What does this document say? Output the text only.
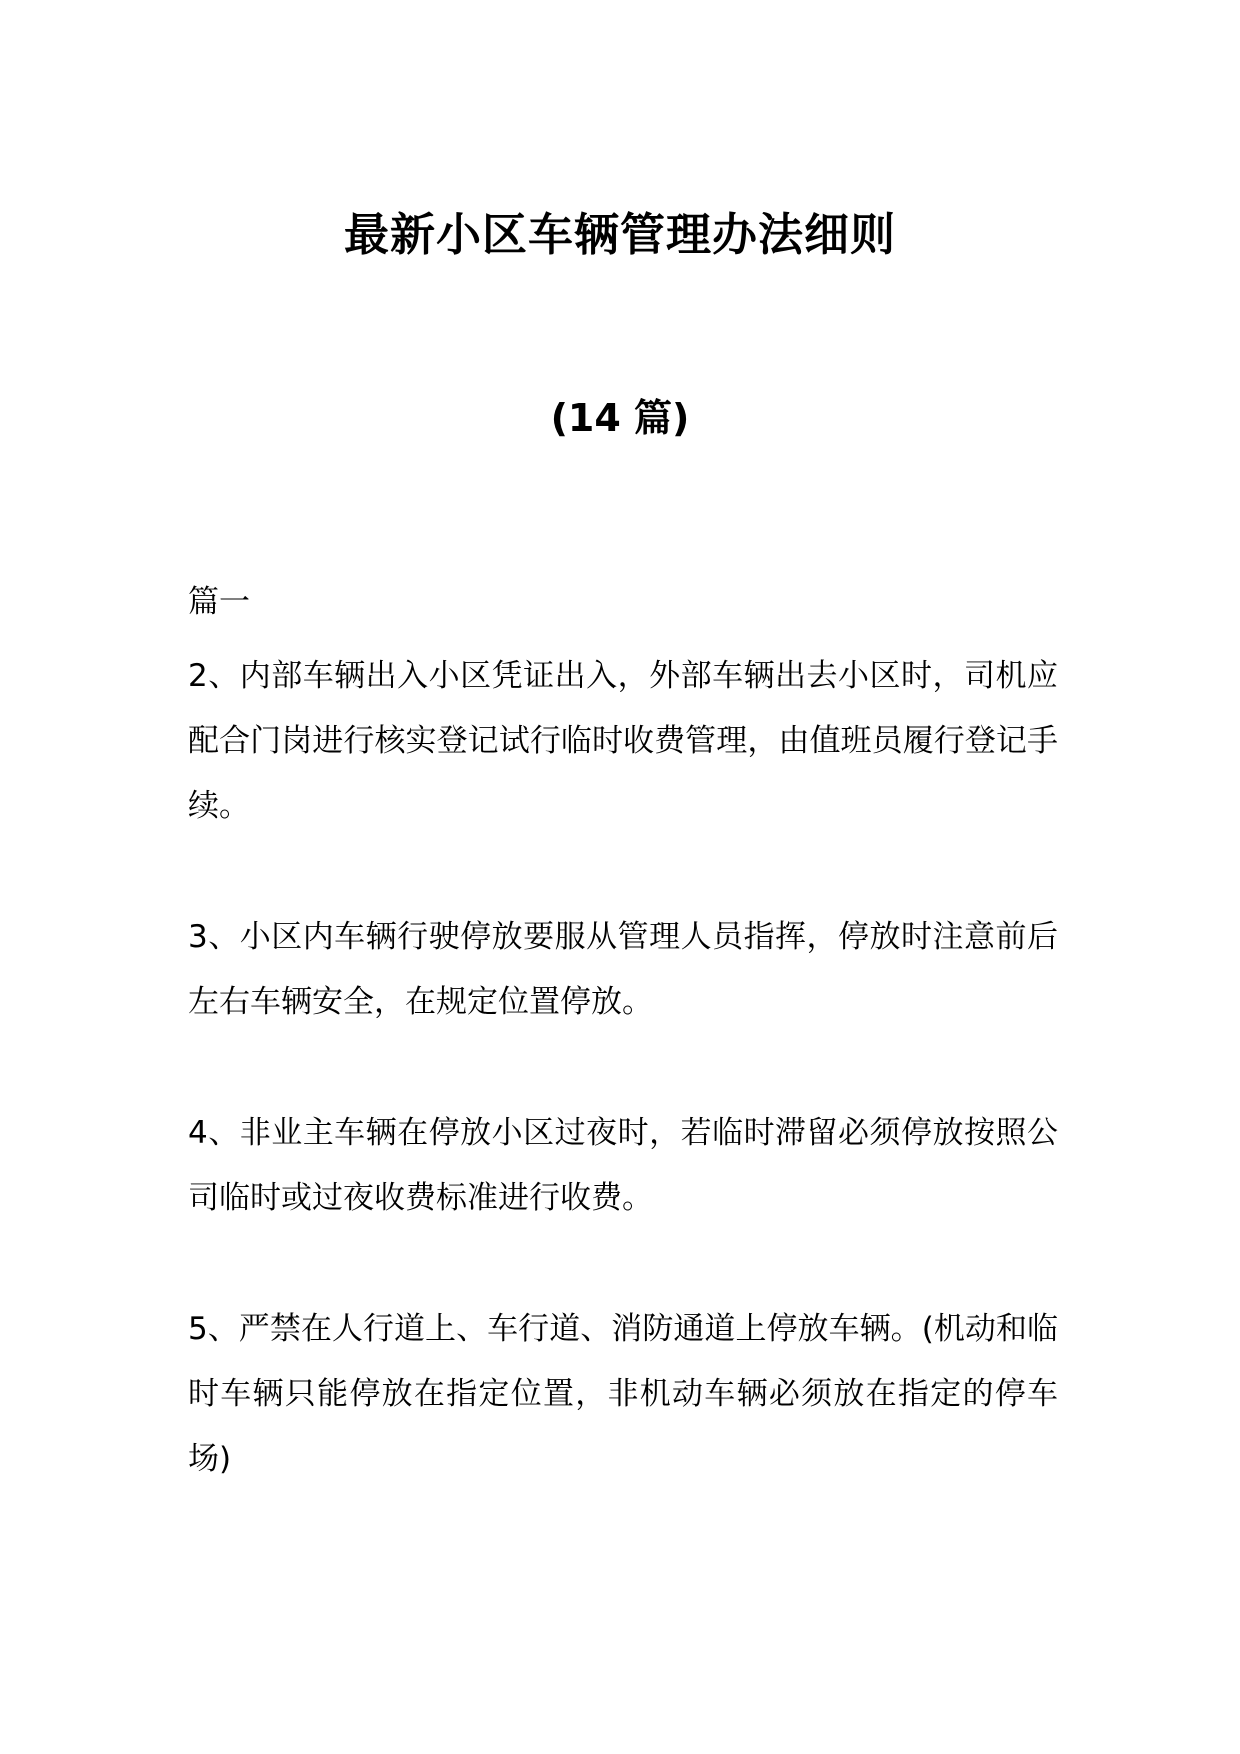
最新小区车辆管理办法细则
(14 篇)
篇一

2、内部车辆出入小区凭证出入，外部车辆出去小区时，司机应配合门岗进行核实登记试行临时收费管理，由值班员履行登记手续。

3、小区内车辆行驶停放要服从管理人员指挥，停放时注意前后左右车辆安全，在规定位置停放。

4、非业主车辆在停放小区过夜时，若临时滞留必须停放按照公司临时或过夜收费标准进行收费。

5、严禁在人行道上、车行道、消防通道上停放车辆。(机动和临时车辆只能停放在指定位置，非机动车辆必须放在指定的停车场)
